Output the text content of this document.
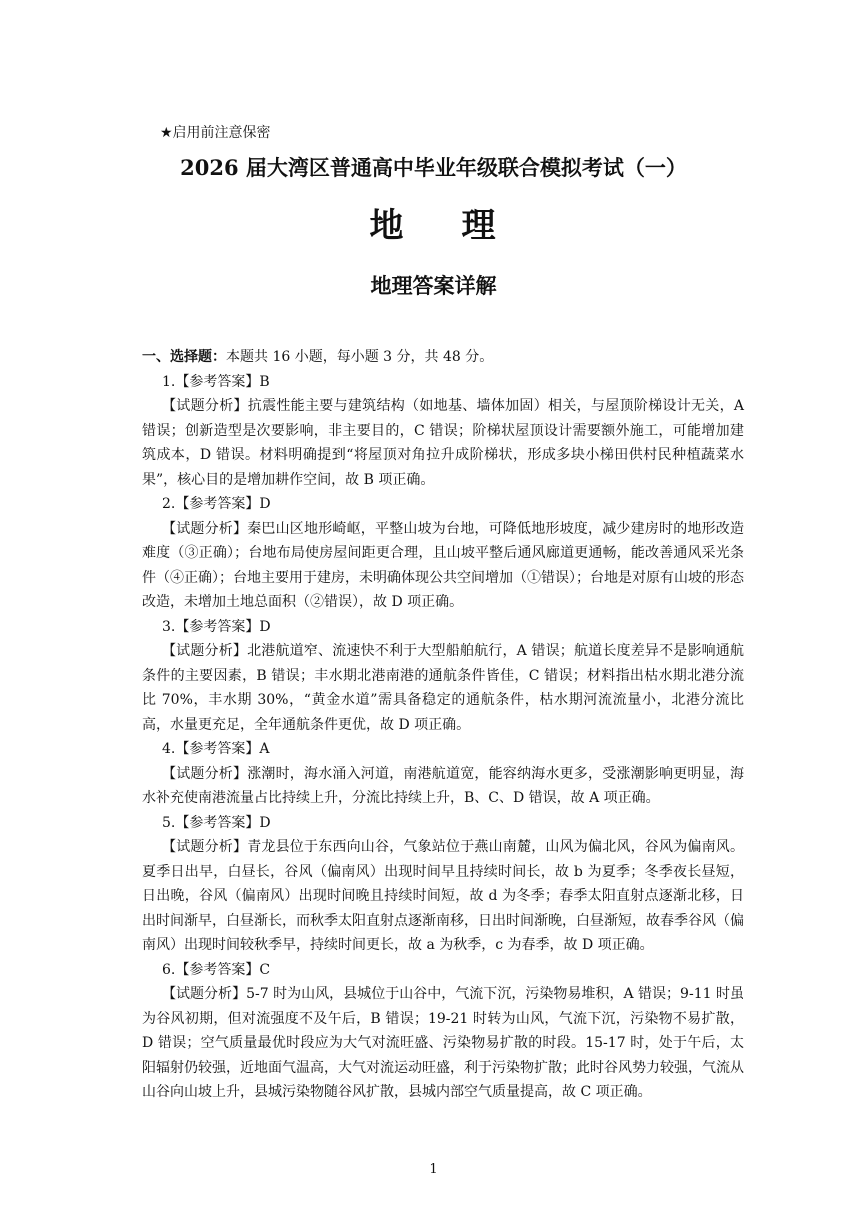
★启用前注意保密
2026 届大湾区普通高中毕业年级联合模拟考试（一）
地 理
地理答案详解

一、选择题：本题共 16 小题，每小题 3 分，共 48 分。

1.【参考答案】B

【试题分析】抗震性能主要与建筑结构（如地基、墙体加固）相关，与屋顶阶梯设计无关，A 错误；创新造型是次要影响，非主要目的，C 错误；阶梯状屋顶设计需要额外施工，可能增加建筑成本，D 错误。材料明确提到“将屋顶对角拉升成阶梯状，形成多块小梯田供村民种植蔬菜水果”，核心目的是增加耕作空间，故 B 项正确。

2.【参考答案】D

【试题分析】秦巴山区地形崎岖，平整山坡为台地，可降低地形坡度，减少建房时的地形改造难度（③正确）；台地布局使房屋间距更合理，且山坡平整后通风廊道更通畅，能改善通风采光条件（④正确）；台地主要用于建房，未明确体现公共空间增加（①错误）；台地是对原有山坡的形态改造，未增加土地总面积（②错误），故 D 项正确。

3.【参考答案】D

【试题分析】北港航道窄、流速快不利于大型船舶航行，A 错误；航道长度差异不是影响通航条件的主要因素，B 错误；丰水期北港南港的通航条件皆佳，C 错误；材料指出枯水期北港分流比 70%，丰水期 30%，“黄金水道”需具备稳定的通航条件，枯水期河流流量小，北港分流比高，水量更充足，全年通航条件更优，故 D 项正确。

4.【参考答案】A

【试题分析】涨潮时，海水涌入河道，南港航道宽，能容纳海水更多，受涨潮影响更明显，海水补充使南港流量占比持续上升，分流比持续上升，B、C、D 错误，故 A 项正确。

5.【参考答案】D

【试题分析】青龙县位于东西向山谷，气象站位于燕山南麓，山风为偏北风，谷风为偏南风。夏季日出早，白昼长，谷风（偏南风）出现时间早且持续时间长，故 b 为夏季；冬季夜长昼短，日出晚，谷风（偏南风）出现时间晚且持续时间短，故 d 为冬季；春季太阳直射点逐渐北移，日出时间渐早，白昼渐长，而秋季太阳直射点逐渐南移，日出时间渐晚，白昼渐短，故春季谷风（偏南风）出现时间较秋季早，持续时间更长，故 a 为秋季，c 为春季，故 D 项正确。

6.【参考答案】C

【试题分析】5-7 时为山风，县城位于山谷中，气流下沉，污染物易堆积，A 错误；9-11 时虽为谷风初期，但对流强度不及午后，B 错误；19-21 时转为山风，气流下沉，污染物不易扩散，D 错误；空气质量最优时段应为大气对流旺盛、污染物易扩散的时段。15-17 时，处于午后，太阳辐射仍较强，近地面气温高，大气对流运动旺盛，利于污染物扩散；此时谷风势力较强，气流从山谷向山坡上升，县城污染物随谷风扩散，县城内部空气质量提高，故 C 项正确。

1
